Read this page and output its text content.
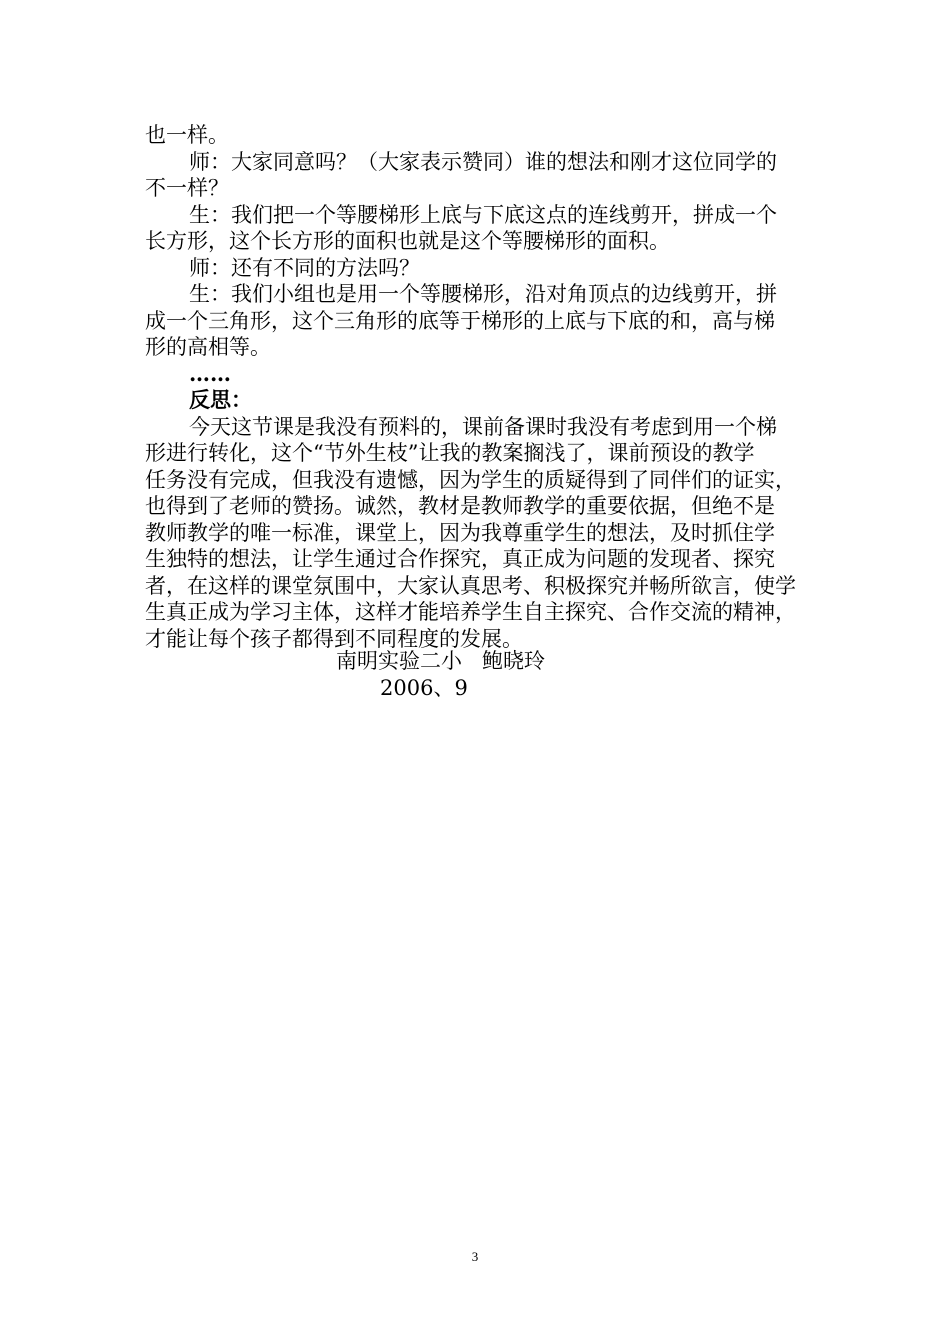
也一样。
师：大家同意吗？（大家表示赞同）谁的想法和刚才这位同学的
不一样？
生：我们把一个等腰梯形上底与下底这点的连线剪开，拼成一个
长方形，这个长方形的面积也就是这个等腰梯形的面积。
师：还有不同的方法吗？
生：我们小组也是用一个等腰梯形，沿对角顶点的边线剪开，拼
成一个三角形，这个三角形的底等于梯形的上底与下底的和，高与梯
形的高相等。
……
反思：
今天这节课是我没有预料的，课前备课时我没有考虑到用一个梯
形进行转化，这个“节外生枝”让我的教案搁浅了，课前预设的教学
任务没有完成，但我没有遗憾，因为学生的质疑得到了同伴们的证实，
也得到了老师的赞扬。诚然，教材是教师教学的重要依据，但绝不是
教师教学的唯一标准，课堂上，因为我尊重学生的想法，及时抓住学
生独特的想法，让学生通过合作探究，真正成为问题的发现者、探究
者，在这样的课堂氛围中，大家认真思考、积极探究并畅所欲言，使学
生真正成为学习主体，这样才能培养学生自主探究、合作交流的精神，
才能让每个孩子都得到不同程度的发展。
南明实验二小   鲍晓玲
2006、9
3
